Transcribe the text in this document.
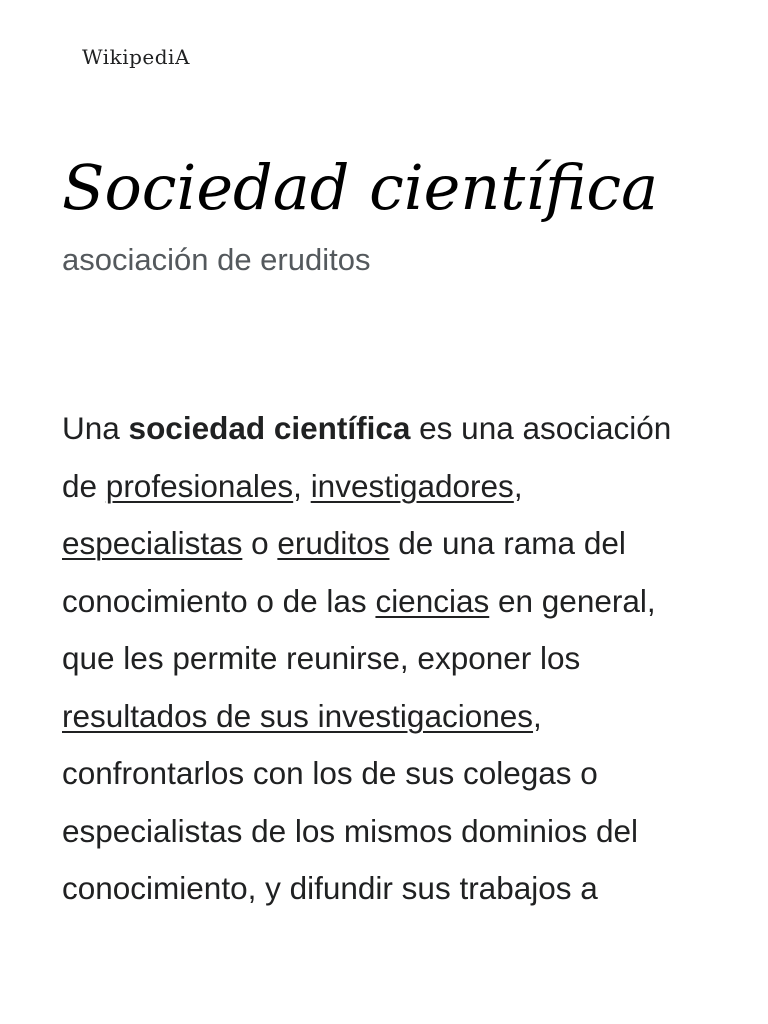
WikipediA
Sociedad científica

asociación de eruditos

Una sociedad científica es una asociación
de profesionales, investigadores,
especialistas o eruditos de una rama del
conocimiento o de las ciencias en general,
que les permite reunirse, exponer los
resultados de sus investigaciones,
confrontarlos con los de sus colegas o
especialistas de los mismos dominios del
conocimiento, y difundir sus trabajos a
